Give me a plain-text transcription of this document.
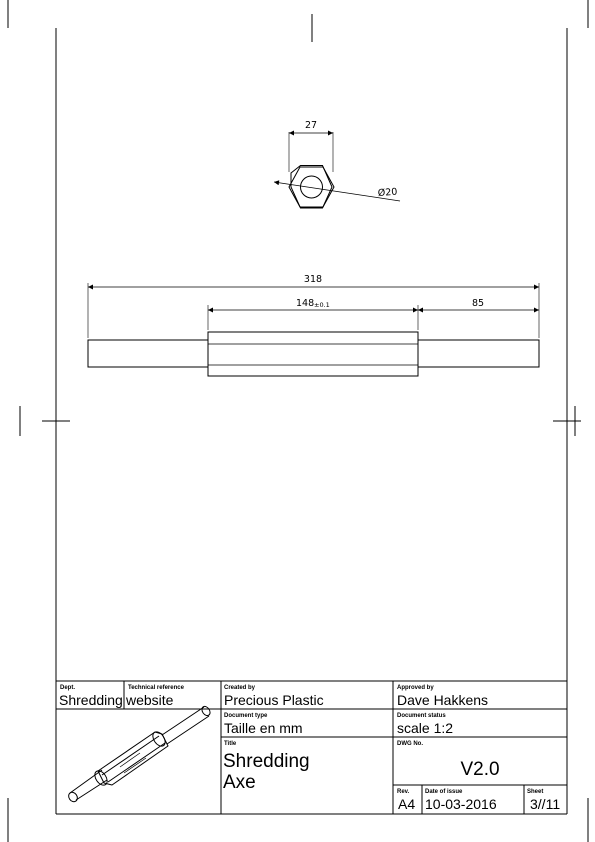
27
Ø20
318
148 ±0.1	85
Dept.
Shredding
Technical reference
website
Created by
Precious Plastic
Approved by
Dave Hakkens
Document type
Taille en mm
Document status
scale 1:2
Title
Shredding
Axe
DWG No.
V2.0
Rev.
A4
Date of issue
10-03-2016
Sheet
3//11
